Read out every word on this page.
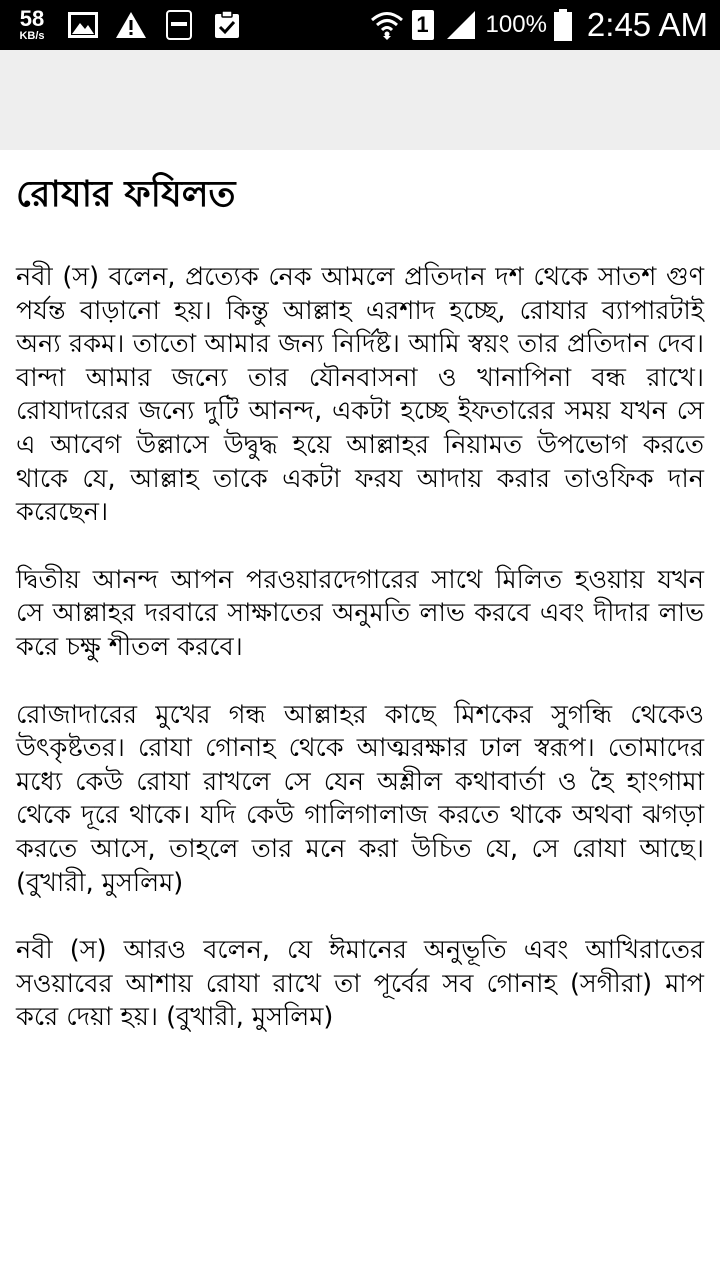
58
KB/s	1 100% 2:45 AM
রোযার ফযিলত

নবী (স) বলেন, প্রত্যেক নেক আমলে প্রতিদান দশ থেকে সাতশ গুণ পর্যন্ত বাড়ানো হয়। কিন্তু আল্লাহ এরশাদ হচ্ছে, রোযার ব্যাপারটাই অন্য রকম। তাতো আমার জন্য নির্দিষ্ট। আমি স্বয়ং তার প্রতিদান দেব। বান্দা আমার জন্যে তার যৌনবাসনা ও খানাপিনা বন্ধ রাখে। রোযাদারের জন্যে দুটি আনন্দ, একটা হচ্ছে ইফতারের সময় যখন সে এ আবেগ উল্লাসে উদ্বুদ্ধ হয়ে আল্লাহর নিয়ামত উপভোগ করতে থাকে যে, আল্লাহ তাকে একটা ফরয আদায় করার তাওফিক দান করেছেন।

দ্বিতীয় আনন্দ আপন পরওয়ারদেগারের সাথে মিলিত হওয়ায় যখন সে আল্লাহর দরবারে সাক্ষাতের অনুমতি লাভ করবে এবং দীদার লাভ করে চক্ষু শীতল করবে।

রোজাদারের মুখের গন্ধ আল্লাহর কাছে মিশকের সুগন্ধি থেকেও উৎকৃষ্টতর। রোযা গোনাহ থেকে আত্মরক্ষার ঢাল স্বরূপ। তোমাদের মধ্যে কেউ রোযা রাখলে সে যেন অশ্লীল কথাবার্তা ও হৈ হাংগামা থেকে দূরে থাকে। যদি কেউ গালিগালাজ করতে থাকে অথবা ঝগড়া করতে আসে, তাহলে তার মনে করা উচিত যে, সে রোযা আছে। (বুখারী, মুসলিম)

নবী (স) আরও বলেন, যে ঈমানের অনুভূতি এবং আখিরাতের সওয়াবের আশায় রোযা রাখে তা পূর্বের সব গোনাহ (সগীরা) মাপ করে দেয়া হয়। (বুখারী, মুসলিম)
